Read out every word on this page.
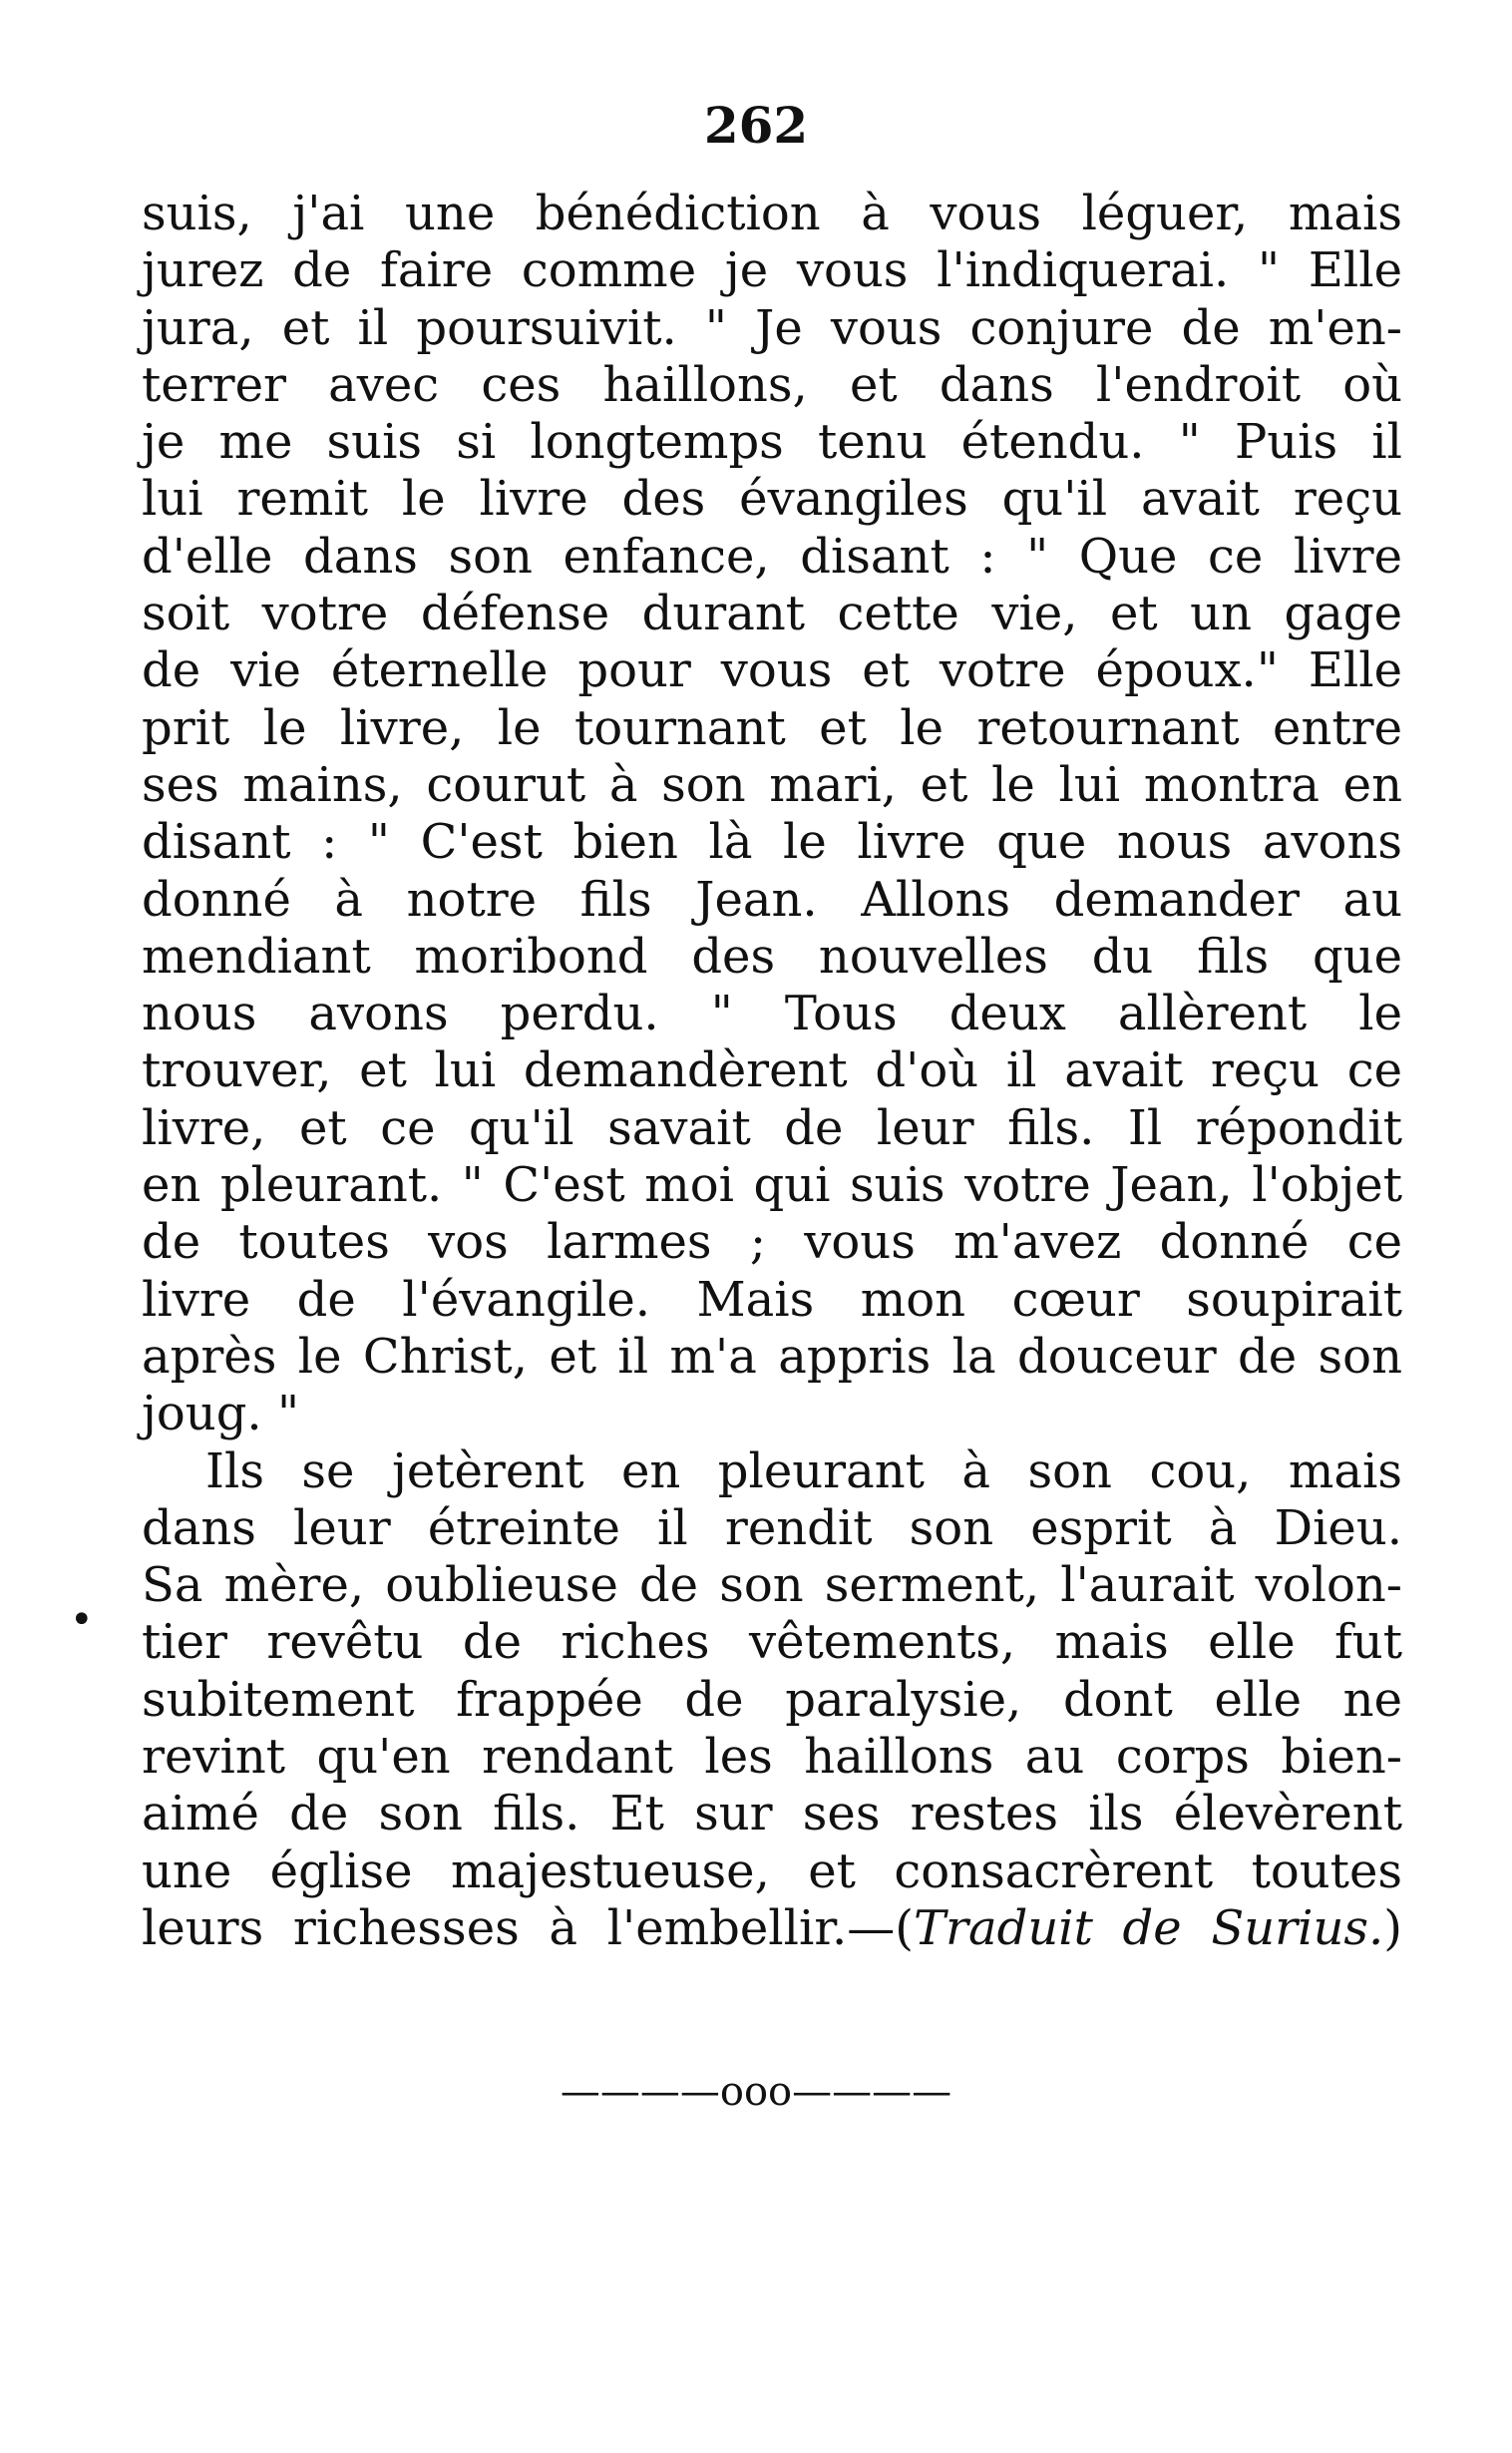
262
•
suis, j'ai une bénédiction à vous léguer, mais
jurez de faire comme je vous l'indiquerai. " Elle
jura, et il poursuivit. " Je vous conjure de m'en-
terrer avec ces haillons, et dans l'endroit où
je me suis si longtemps tenu étendu. " Puis il
lui remit le livre des évangiles qu'il avait reçu
d'elle dans son enfance, disant : " Que ce livre
soit votre défense durant cette vie, et un gage
de vie éternelle pour vous et votre époux." Elle
prit le livre, le tournant et le retournant entre
ses mains, courut à son mari, et le lui montra en
disant : " C'est bien là le livre que nous avons
donné à notre fils Jean. Allons demander au
mendiant moribond des nouvelles du fils que
nous avons perdu. " Tous deux allèrent le
trouver, et lui demandèrent d'où il avait reçu ce
livre, et ce qu'il savait de leur fils. Il répondit
en pleurant. " C'est moi qui suis votre Jean, l'objet
de toutes vos larmes ; vous m'avez donné ce
livre de l'évangile. Mais mon cœur soupirait
après le Christ, et il m'a appris la douceur de son
joug. "
Ils se jetèrent en pleurant à son cou, mais
dans leur étreinte il rendit son esprit à Dieu.
Sa mère, oublieuse de son serment, l'aurait volon-
tier revêtu de riches vêtements, mais elle fut
subitement frappée de paralysie, dont elle ne
revint qu'en rendant les haillons au corps bien-
aimé de son fils. Et sur ses restes ils élevèrent
une église majestueuse, et consacrèrent toutes
leurs richesses à l'embellir.—(Traduit de Surius.)
————ooo————
